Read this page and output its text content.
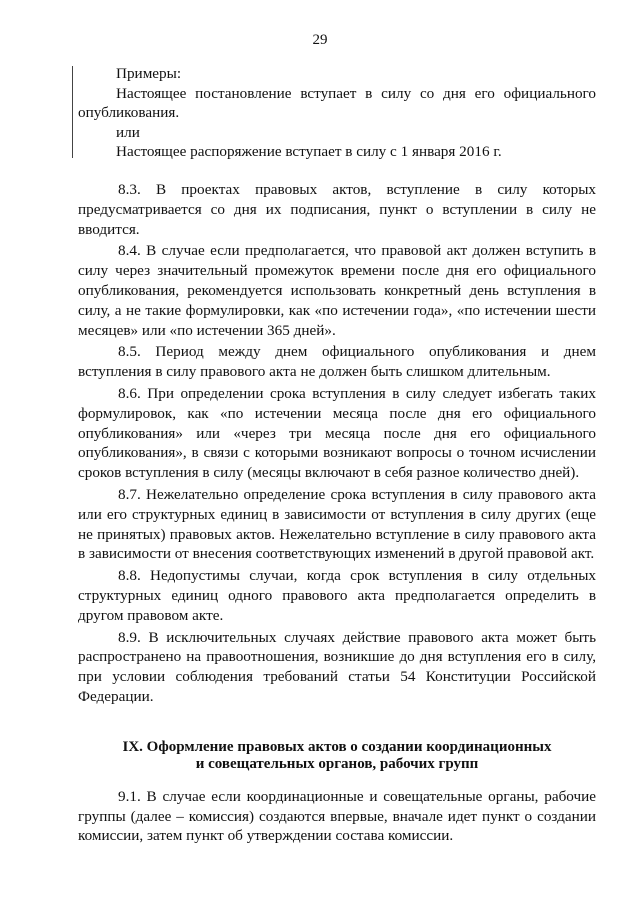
29

Примеры:

Настоящее постановление вступает в силу со дня его официального

опубликования.

или

Настоящее распоряжение вступает в силу с 1 января 2016 г.

8.3. В проектах правовых актов, вступление в силу которых предусматривается со дня их подписания, пункт о вступлении в силу не вводится.

8.4. В случае если предполагается, что правовой акт должен вступить в силу через значительный промежуток времени после дня его официального опубликования, рекомендуется использовать конкретный день вступления в силу, а не такие формулировки, как «по истечении года», «по истечении шести месяцев» или «по истечении 365 дней».

8.5. Период между днем официального опубликования и днем вступления в силу правового акта не должен быть слишком длительным.

8.6. При определении срока вступления в силу следует избегать таких формулировок, как «по истечении месяца после дня его официального опубликования» или «через три месяца после дня его официального опубликования», в связи с которыми возникают вопросы о точном исчислении сроков вступления в силу (месяцы включают в себя разное количество дней).

8.7. Нежелательно определение срока вступления в силу правового акта или его структурных единиц в зависимости от вступления в силу других (еще не принятых) правовых актов. Нежелательно вступление в силу правового акта в зависимости от внесения соответствующих изменений в другой правовой акт.

8.8. Недопустимы случаи, когда срок вступления в силу отдельных структурных единиц одного правового акта предполагается определить в другом правовом акте.

8.9. В исключительных случаях действие правового акта может быть распространено на правоотношения, возникшие до дня вступления его в силу, при условии соблюдения требований статьи 54 Конституции Российской Федерации.

IX. Оформление правовых актов о создании координационных
и совещательных органов, рабочих групп

9.1. В случае если координационные и совещательные органы, рабочие группы (далее – комиссия) создаются впервые, вначале идет пункт о создании комиссии, затем пункт об утверждении состава комиссии.
